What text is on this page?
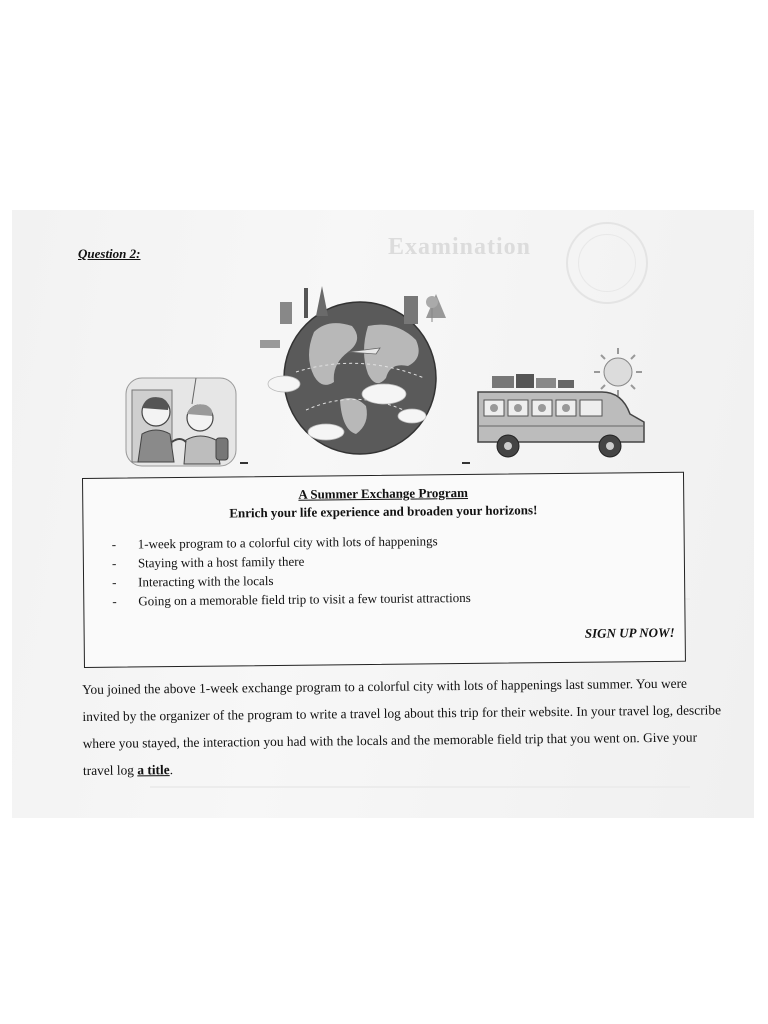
Examination
Question 2:
A Summer Exchange Program
Enrich your life experience and broaden your horizons!
- 1-week program to a colorful city with lots of happenings
- Staying with a host family there
- Interacting with the locals
- Going on a memorable field trip to visit a few tourist attractions
SIGN UP NOW!

You joined the above 1-week exchange program to a colorful city with lots of happenings last summer. You were invited by the organizer of the program to write a travel log about this trip for their website. In your travel log, describe where you stayed, the interaction you had with the locals and the memorable field trip that you went on. Give your travel log a title.
